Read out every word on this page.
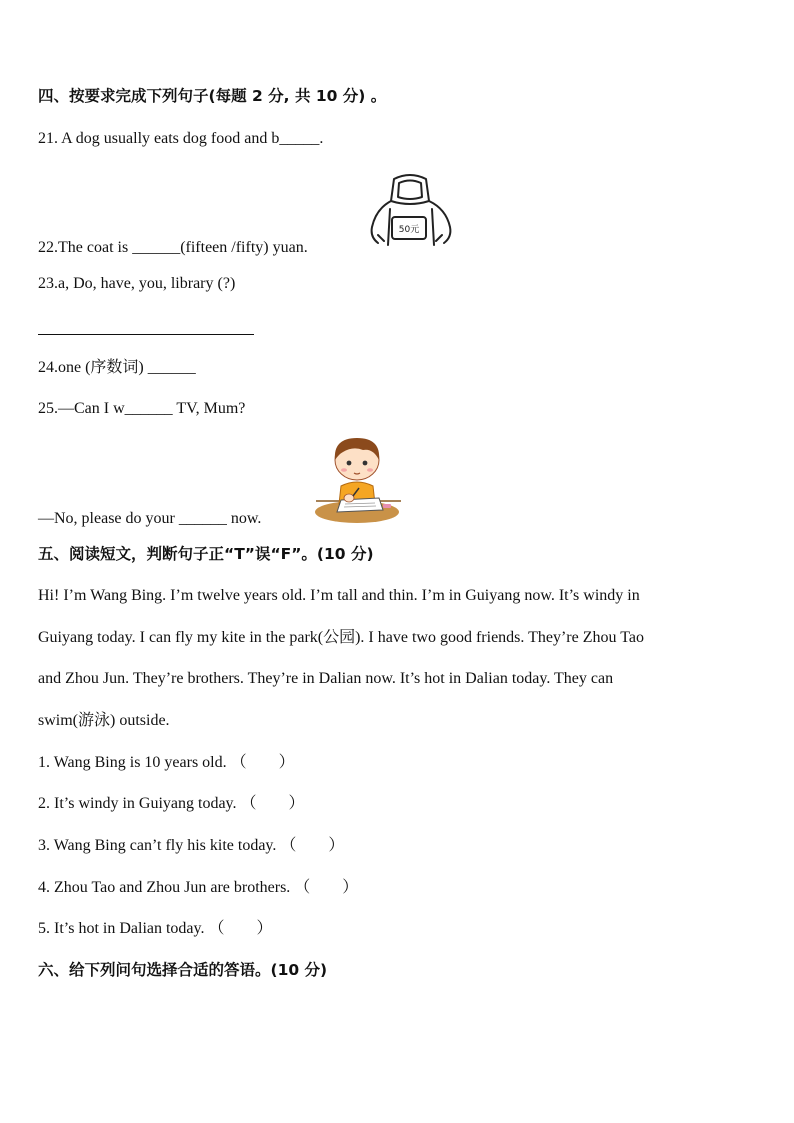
四、按要求完成下列句子(每题 2 分, 共 10 分) 。
21. A dog usually eats dog food and b_____.
50元
22.The coat is ______(fifteen /fifty) yuan.
23.a, Do, have, you, library (?)
24.one (序数词) ______
25.—Can I w______ TV, Mum?
—No, please do your ______ now.
五、阅读短文，判断句子正“T”误“F”。(10 分)
Hi! I’m Wang Bing. I’m twelve years old. I’m tall and thin. I’m in Guiyang now. It’s windy in
Guiyang today. I can fly my kite in the park(公园). I have two good friends. They’re Zhou Tao
and Zhou Jun. They’re brothers. They’re in Dalian now. It’s hot in Dalian today. They can
swim(游泳) outside.
1. Wang Bing is 10 years old. （        ）
2. It’s windy in Guiyang today. （        ）
3. Wang Bing can’t fly his kite today. （        ）
4. Zhou Tao and Zhou Jun are brothers. （        ）
5. It’s hot in Dalian today. （        ）
六、给下列问句选择合适的答语。(10 分)
